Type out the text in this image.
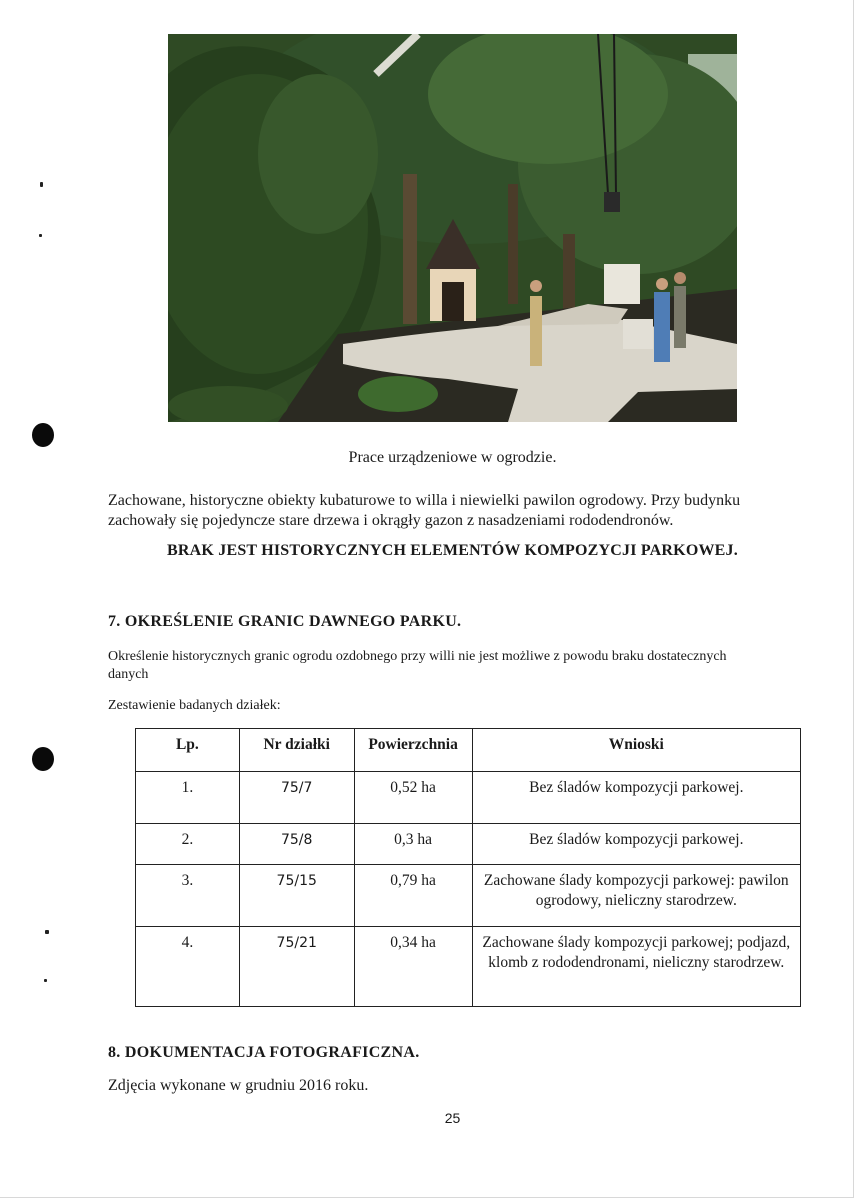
Prace urządzeniowe w ogrodzie.
Zachowane, historyczne obiekty kubaturowe to willa i niewielki pawilon ogrodowy. Przy budynku zachowały się pojedyncze stare drzewa i okrągły gazon z nasadzeniami rododendronów.
BRAK JEST HISTORYCZNYCH ELEMENTÓW KOMPOZYCJI PARKOWEJ.
7. OKREŚLENIE GRANIC DAWNEGO PARKU.
Określenie historycznych granic ogrodu ozdobnego przy willi nie jest możliwe z powodu braku dostatecznych danych
Zestawienie badanych działek:
Lp.	Nr działki	Powierzchnia	Wnioski
1.	75/7	0,52 ha	Bez śladów kompozycji parkowej.
2.	75/8	0,3 ha	Bez śladów kompozycji parkowej.
3.	75/15	0,79 ha	Zachowane ślady kompozycji parkowej: pawilon ogrodowy, nieliczny starodrzew.
4.	75/21	0,34 ha	Zachowane ślady kompozycji parkowej; podjazd, klomb z rododendronami, nieliczny starodrzew.
8. DOKUMENTACJA FOTOGRAFICZNA.
Zdjęcia wykonane w grudniu 2016 roku.
25
